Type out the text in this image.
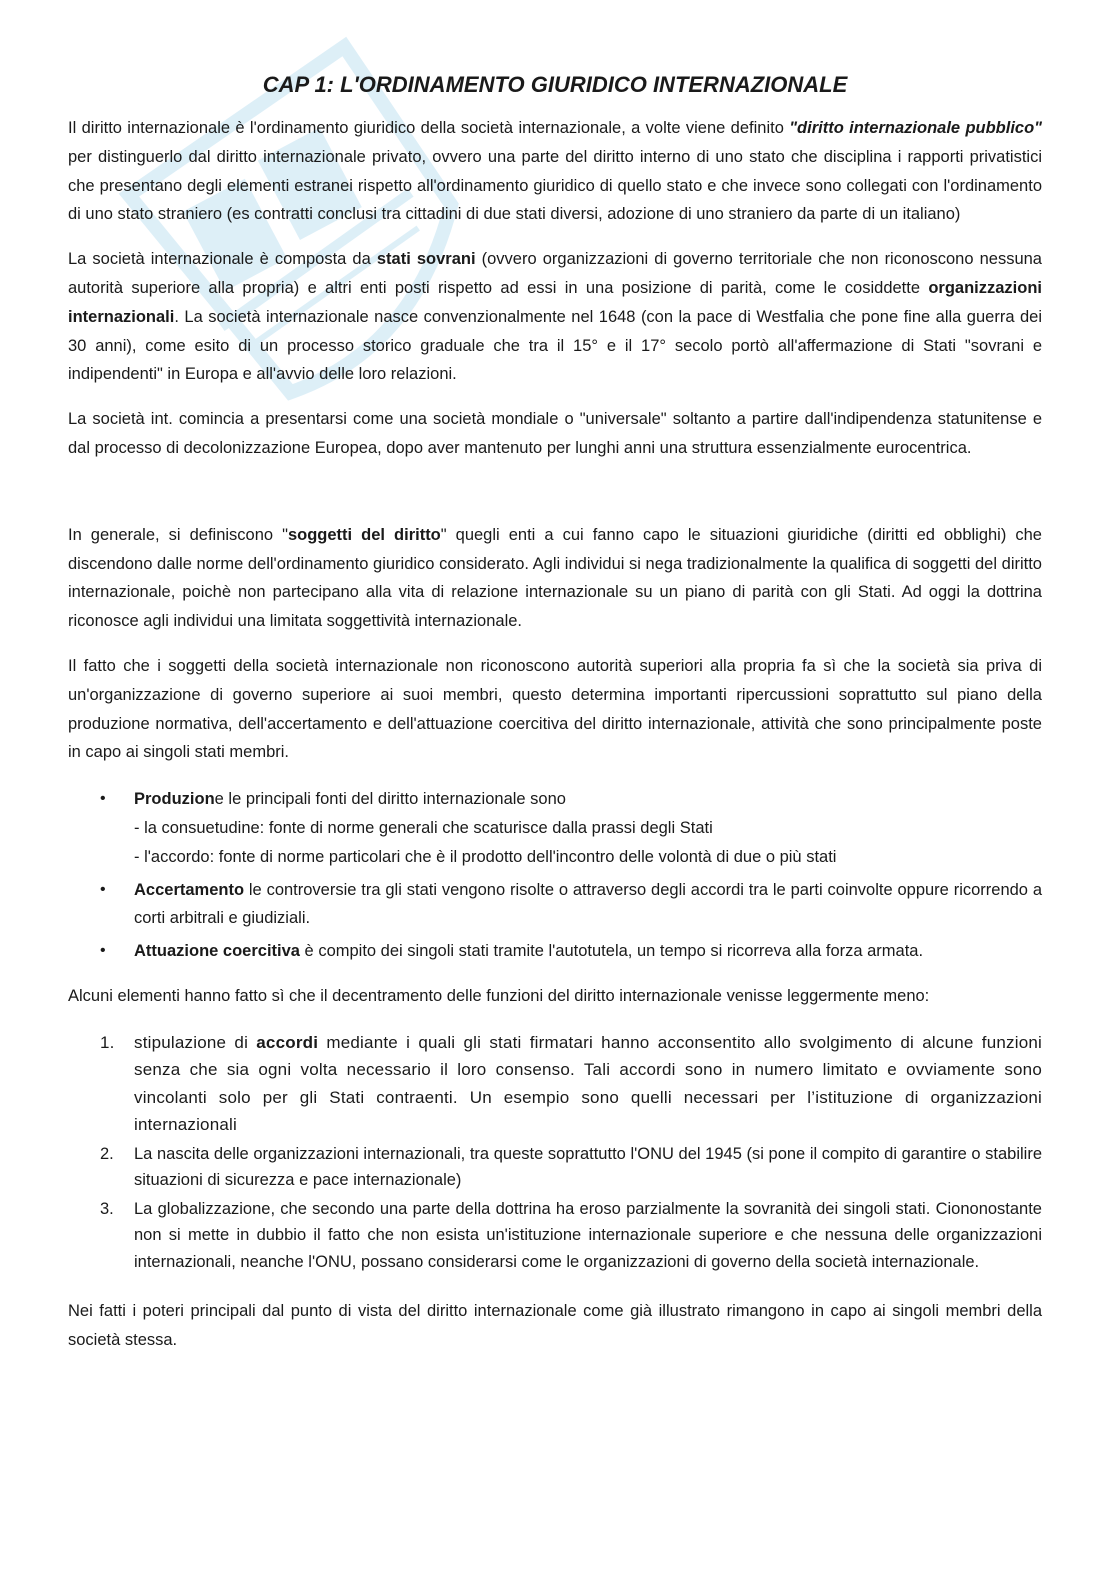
CAP 1: L'ORDINAMENTO GIURIDICO INTERNAZIONALE

Il diritto internazionale è l'ordinamento giuridico della società internazionale, a volte viene definito "diritto internazionale pubblico" per distinguerlo dal diritto internazionale privato, ovvero una parte del diritto interno di uno stato che disciplina i rapporti privatistici che presentano degli elementi estranei rispetto all'ordinamento giuridico di quello stato e che invece sono collegati con l'ordinamento di uno stato straniero (es contratti conclusi tra cittadini di due stati diversi, adozione di uno straniero da parte di un italiano)

La società internazionale è composta da stati sovrani (ovvero organizzazioni di governo territoriale che non riconoscono nessuna autorità superiore alla propria) e altri enti posti rispetto ad essi in una posizione di parità, come le cosiddette organizzazioni internazionali. La società internazionale nasce convenzionalmente nel 1648 (con la pace di Westfalia che pone fine alla guerra dei 30 anni), come esito di un processo storico graduale che tra il 15° e il 17° secolo portò all'affermazione di Stati "sovrani e indipendenti" in Europa e all'avvio delle loro relazioni.

La società int. comincia a presentarsi come una società mondiale o "universale" soltanto a partire dall'indipendenza statunitense e dal processo di decolonizzazione Europea, dopo aver mantenuto per lunghi anni una struttura essenzialmente eurocentrica.

In generale, si definiscono "soggetti del diritto" quegli enti a cui fanno capo le situazioni giuridiche (diritti ed obblighi) che discendono dalle norme dell'ordinamento giuridico considerato. Agli individui si nega tradizionalmente la qualifica di soggetti del diritto internazionale, poichè non partecipano alla vita di relazione internazionale su un piano di parità con gli Stati. Ad oggi la dottrina riconosce agli individui una limitata soggettività internazionale.

Il fatto che i soggetti della società internazionale non riconoscono autorità superiori alla propria fa sì che la società sia priva di un'organizzazione di governo superiore ai suoi membri, questo determina importanti ripercussioni soprattutto sul piano della produzione normativa, dell'accertamento e dell'attuazione coercitiva del diritto internazionale, attività che sono principalmente poste in capo ai singoli stati membri.

• Produzione le principali fonti del diritto internazionale sono
- la consuetudine: fonte di norme generali che scaturisce dalla prassi degli Stati
- l'accordo: fonte di norme particolari che è il prodotto dell'incontro delle volontà di due o più stati
• Accertamento le controversie tra gli stati vengono risolte o attraverso degli accordi tra le parti coinvolte oppure ricorrendo a corti arbitrali e giudiziali.
• Attuazione coercitiva è compito dei singoli stati tramite l'autotutela, un tempo si ricorreva alla forza armata.

Alcuni elementi hanno fatto sì che il decentramento delle funzioni del diritto internazionale venisse leggermente meno:

1. stipulazione di accordi mediante i quali gli stati firmatari hanno acconsentito allo svolgimento di alcune funzioni senza che sia ogni volta necessario il loro consenso. Tali accordi sono in numero limitato e ovviamente sono vincolanti solo per gli Stati contraenti. Un esempio sono quelli necessari per l’istituzione di organizzazioni internazionali
2. La nascita delle organizzazioni internazionali, tra queste soprattutto l'ONU del 1945 (si pone il compito di garantire o stabilire situazioni di sicurezza e pace internazionale)
3. La globalizzazione, che secondo una parte della dottrina ha eroso parzialmente la sovranità dei singoli stati. Ciononostante non si mette in dubbio il fatto che non esista un'istituzione internazionale superiore e che nessuna delle organizzazioni internazionali, neanche l'ONU, possano considerarsi come le organizzazioni di governo della società internazionale.

Nei fatti i poteri principali dal punto di vista del diritto internazionale come già illustrato rimangono in capo ai singoli membri della società stessa.
